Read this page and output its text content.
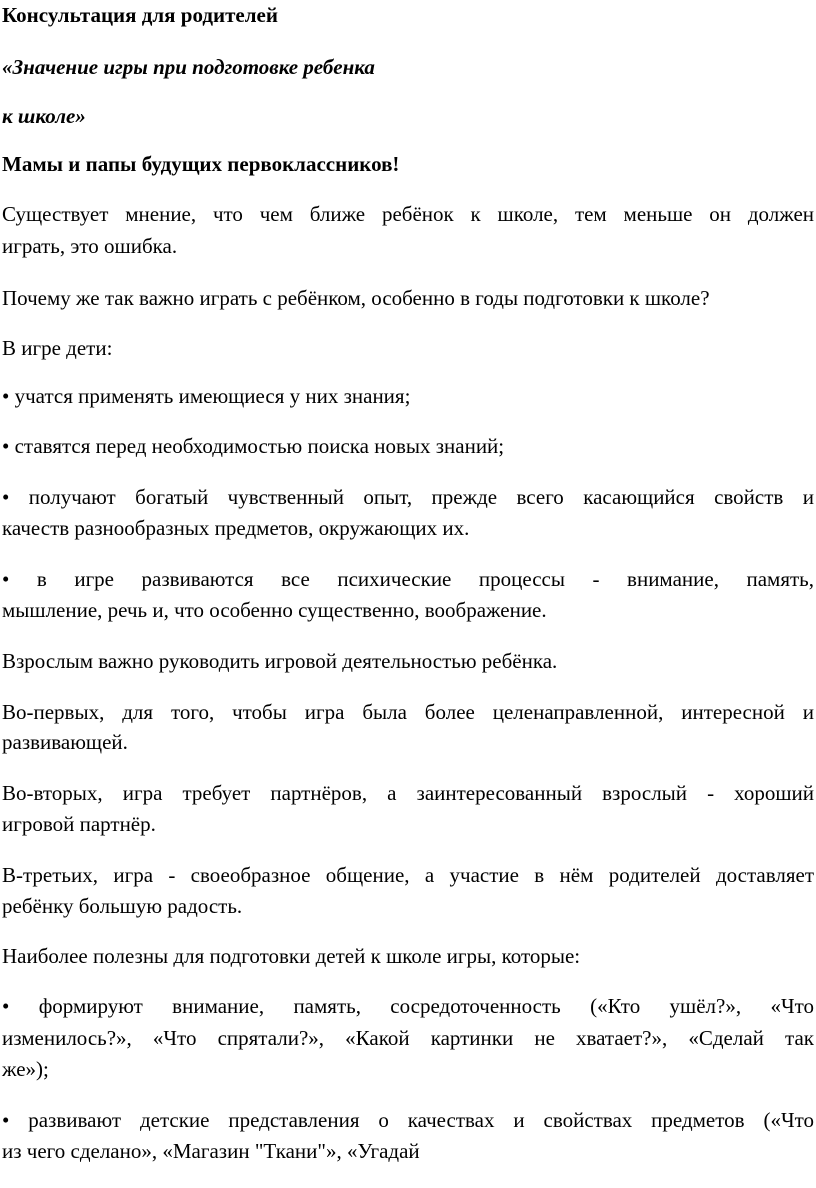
Консультация для родителей

«Значение игры при подготовке ребенка

к школе»

Мамы и папы будущих первоклассников!

Существует мнение, что чем ближе ребёнок к школе, тем меньше он должен

играть, это ошибка.

Почему же так важно играть с ребёнком, особенно в годы подготовки к школе?

В игре дети:

• учатся применять имеющиеся у них знания;

• ставятся перед необходимостью поиска новых знаний;

• получают богатый чувственный опыт, прежде всего касающийся свойств и

качеств разнообразных предметов, окружающих их.

• в игре развиваются все психические процессы - внимание, память,

мышление, речь и, что особенно существенно, воображение.

Взрослым важно руководить игровой деятельностью ребёнка.

Во-первых, для того, чтобы игра была более целенаправленной, интересной и

развивающей.

Во-вторых, игра требует партнёров, а заинтересованный взрослый - хороший

игровой партнёр.

В-третьих, игра - своеобразное общение, а участие в нём родителей доставляет

ребёнку большую радость.

Наиболее полезны для подготовки детей к школе игры, которые:

• формируют внимание, память, сосредоточенность («Кто ушёл?», «Что

изменилось?», «Что спрятали?», «Какой картинки не хватает?», «Сделай так

же»);

• развивают детские представления о качествах и свойствах предметов («Что

из чего сделано», «Магазин "Ткани"», «Угадай
